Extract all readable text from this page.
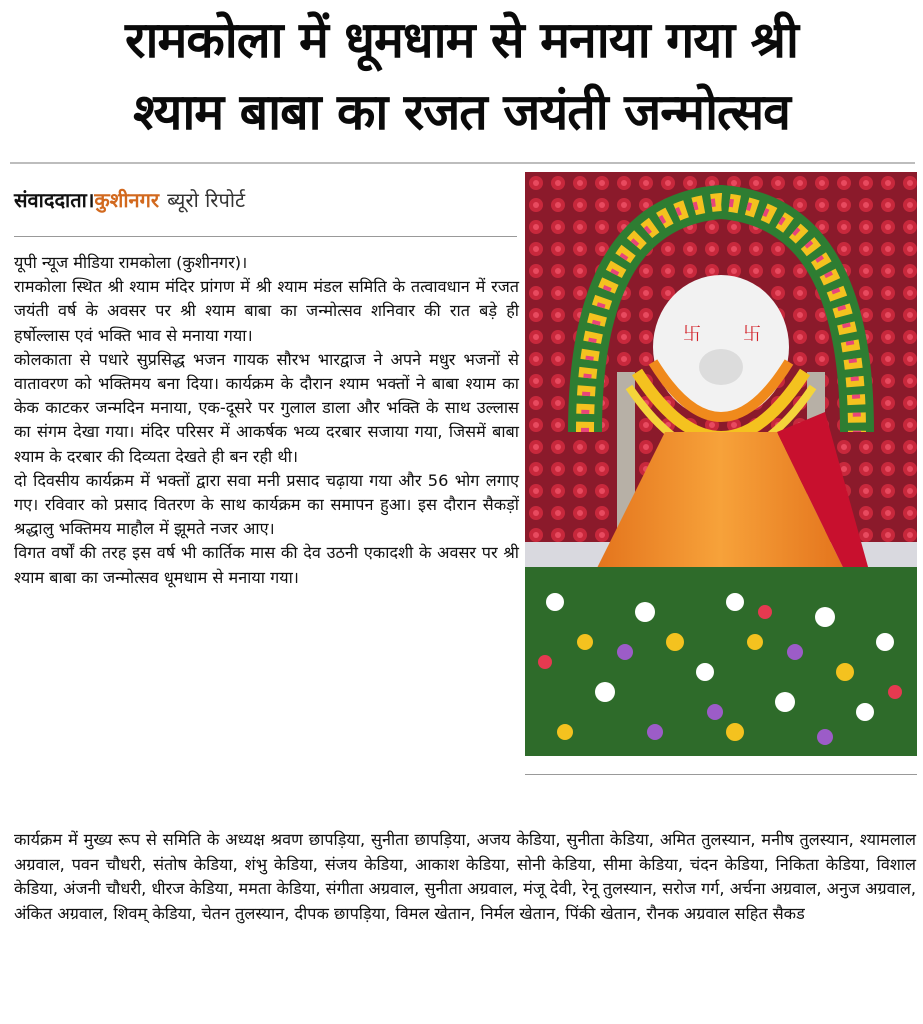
रामकोला में धूमधाम से मनाया गया श्री
श्याम बाबा का रजत जयंती जन्मोत्सव
संवाददाता।कुशीनगर ब्यूरो रिपोर्ट

यूपी न्यूज मीडिया रामकोला (कुशीनगर)।

रामकोला स्थित श्री श्याम मंदिर प्रांगण में श्री श्याम मंडल समिति के तत्वावधान में रजत जयंती वर्ष के अवसर पर श्री श्याम बाबा का जन्मोत्सव शनिवार की रात बड़े ही हर्षोल्लास एवं भक्ति भाव से मनाया गया।

कोलकाता से पधारे सुप्रसिद्ध भजन गायक सौरभ भारद्वाज ने अपने मधुर भजनों से वातावरण को भक्तिमय बना दिया। कार्यक्रम के दौरान श्याम भक्तों ने बाबा श्याम का केक काटकर जन्मदिन मनाया, एक-दूसरे पर गुलाल डाला और भक्ति के साथ उल्लास का संगम देखा गया। मंदिर परिसर में आकर्षक भव्य दरबार सजाया गया, जिसमें बाबा श्याम के दरबार की दिव्यता देखते ही बन रही थी।

दो दिवसीय कार्यक्रम में भक्तों द्वारा सवा मनी प्रसाद चढ़ाया गया और 56 भोग लगाए गए। रविवार को प्रसाद वितरण के साथ कार्यक्रम का समापन हुआ। इस दौरान सैकड़ों श्रद्धालु भक्तिमय माहौल में झूमते नजर आए।

विगत वर्षों की तरह इस वर्ष भी कार्तिक मास की देव उठनी एकादशी के अवसर पर श्री श्याम बाबा का जन्मोत्सव धूमधाम से मनाया गया।

卐 卐

कार्यक्रम में मुख्य रूप से समिति के अध्यक्ष श्रवण छापड़िया, सुनीता छापड़िया, अजय केडिया, सुनीता केडिया, अमित तुलस्यान, मनीष तुलस्यान, श्यामलाल अग्रवाल, पवन चौधरी, संतोष केडिया, शंभु केडिया, संजय केडिया, आकाश केडिया, सोनी केडिया, सीमा केडिया, चंदन केडिया, निकिता केडिया, विशाल केडिया, अंजनी चौधरी, धीरज केडिया, ममता केडिया, संगीता अग्रवाल, सुनीता अग्रवाल, मंजू देवी, रेनू तुलस्यान, सरोज गर्ग, अर्चना अग्रवाल, अनुज अग्रवाल, अंकित अग्रवाल, शिवम् केडिया, चेतन तुलस्यान, दीपक छापड़िया, विमल खेतान, निर्मल खेतान, पिंकी खेतान, रौनक अग्रवाल सहित सैकड
